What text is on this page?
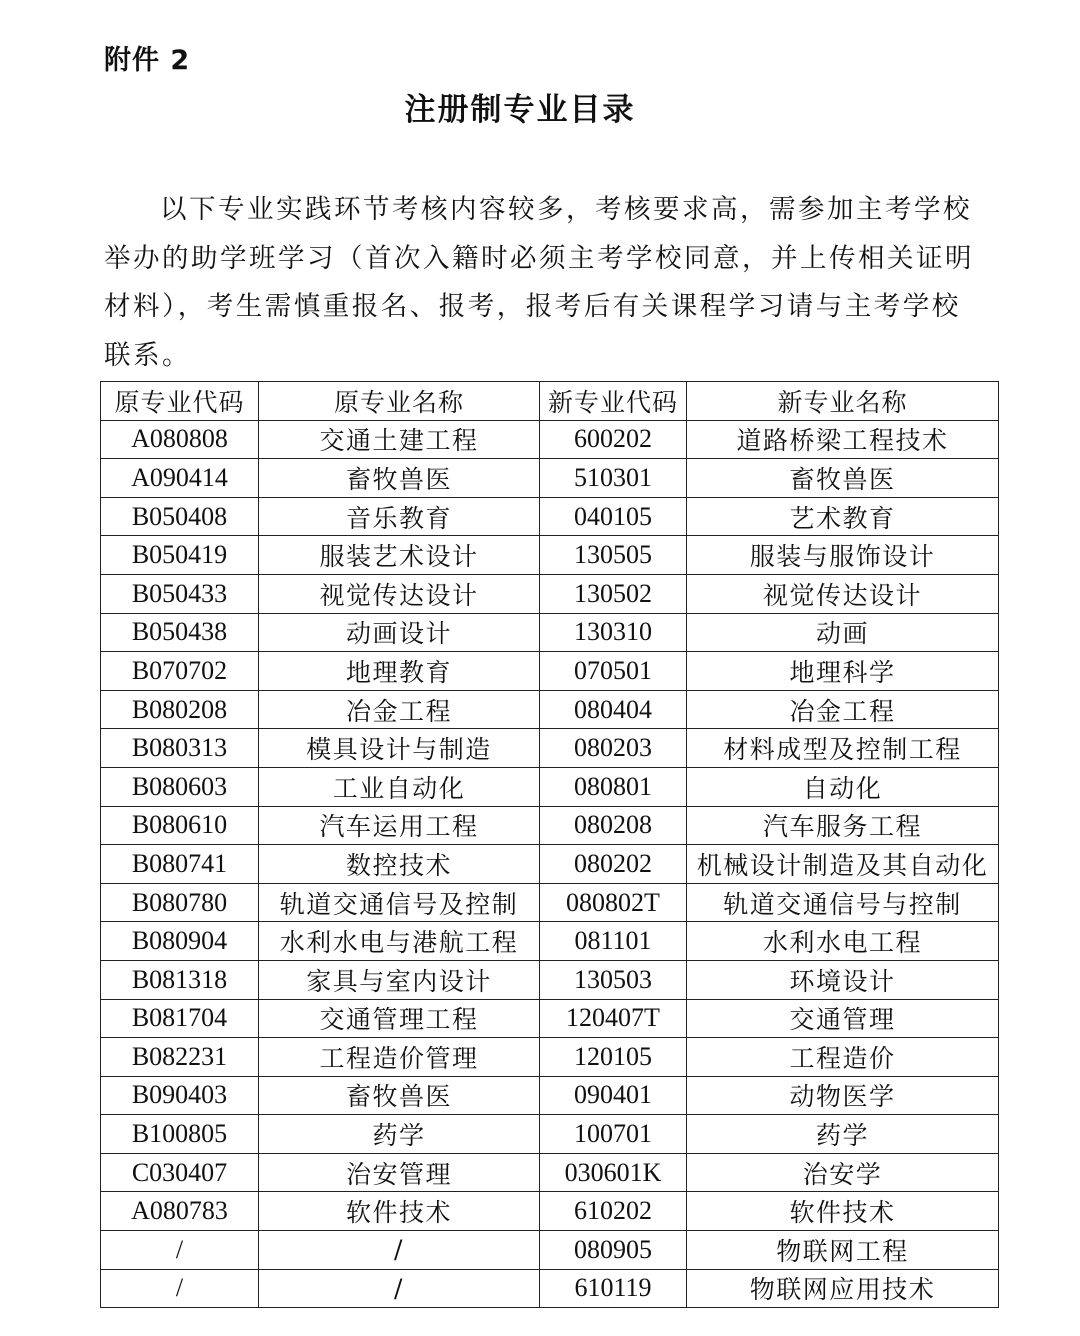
附件 2
注册制专业目录
以下专业实践环节考核内容较多，考核要求高，需参加主考学校
举办的助学班学习（首次入籍时必须主考学校同意，并上传相关证明
材料），考生需慎重报名、报考，报考后有关课程学习请与主考学校
联系。
原专业代码	原专业名称	新专业代码	新专业名称
A080808	交通土建工程	600202	道路桥梁工程技术
A090414	畜牧兽医	510301	畜牧兽医
B050408	音乐教育	040105	艺术教育
B050419	服装艺术设计	130505	服装与服饰设计
B050433	视觉传达设计	130502	视觉传达设计
B050438	动画设计	130310	动画
B070702	地理教育	070501	地理科学
B080208	冶金工程	080404	冶金工程
B080313	模具设计与制造	080203	材料成型及控制工程
B080603	工业自动化	080801	自动化
B080610	汽车运用工程	080208	汽车服务工程
B080741	数控技术	080202	机械设计制造及其自动化
B080780	轨道交通信号及控制	080802T	轨道交通信号与控制
B080904	水利水电与港航工程	081101	水利水电工程
B081318	家具与室内设计	130503	环境设计
B081704	交通管理工程	120407T	交通管理
B082231	工程造价管理	120105	工程造价
B090403	畜牧兽医	090401	动物医学
B100805	药学	100701	药学
C030407	治安管理	030601K	治安学
A080783	软件技术	610202	软件技术
/	/	080905	物联网工程
/	/	610119	物联网应用技术
